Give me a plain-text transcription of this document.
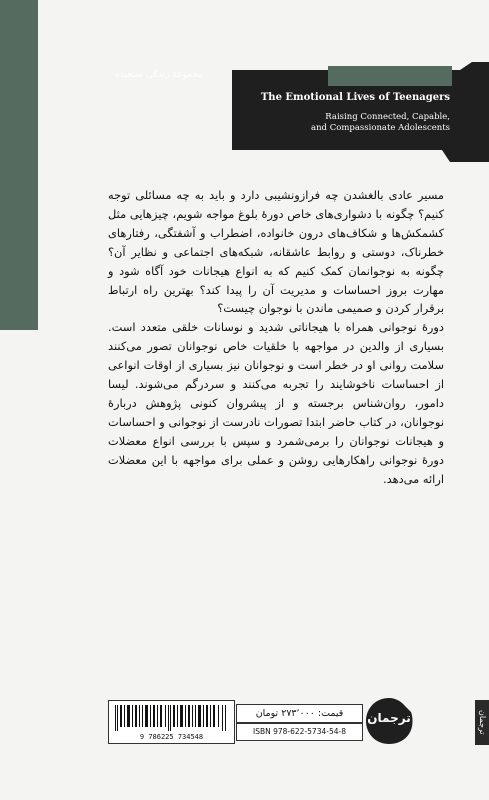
مجموعهٔ زندگی سنجیده
The Emotional Lives of Teenagers
Raising Connected, Capable,
and Compassionate Adolescents

مسیر عادی بالغشدن چه فرازونشیبی دارد و باید به چه مسائلی توجه کنیم؟ چگونه با دشواری‌های خاص دورهٔ بلوغ مواجه شویم، چیزهایی مثل کشمکش‌ها و شکاف‌های درون خانواده، اضطراب و آشفتگی، رفتارهای خطرناک، دوستی و روابط عاشقانه، شبکه‌های اجتماعی و نظایر آن؟ چگونه به نوجوانمان کمک کنیم که به انواع هیجانات خود آگاه شود و مهارت بروز احساسات و مدیریت آن را پیدا کند؟ بهترین راه ارتباط برقرار کردن و صمیمی ماندن با نوجوان چیست؟

دورهٔ نوجوانی همراه با هیجاناتی شدید و نوسانات خلقی متعدد است. بسیاری از والدین در مواجهه با خلقیات خاص نوجوانان تصور می‌کنند سلامت روانی او در خطر است و نوجوانان نیز بسیاری از اوقات انواعی از احساسات ناخوشایند را تجربه می‌کنند و سردرگم می‌شوند. لیسا دامور، روان‌شناس برجسته و از پیشروان کنونی پژوهش دربارهٔ نوجوانان، در کتاب حاضر ابتدا تصورات نادرست از نوجوانی و احساسات و هیجانات نوجوانان را برمی‌شمرد و سپس با بررسی انواع معضلات دورهٔ نوجوانی راهکارهایی روشن و عملی برای مواجهه با این معضلات ارائه می‌دهد.

9 786225 734548
قیمت: ۲۷۳٬۰۰۰ تومان
ISBN 978-622-5734-54-8
ترجمان	ترجمان
